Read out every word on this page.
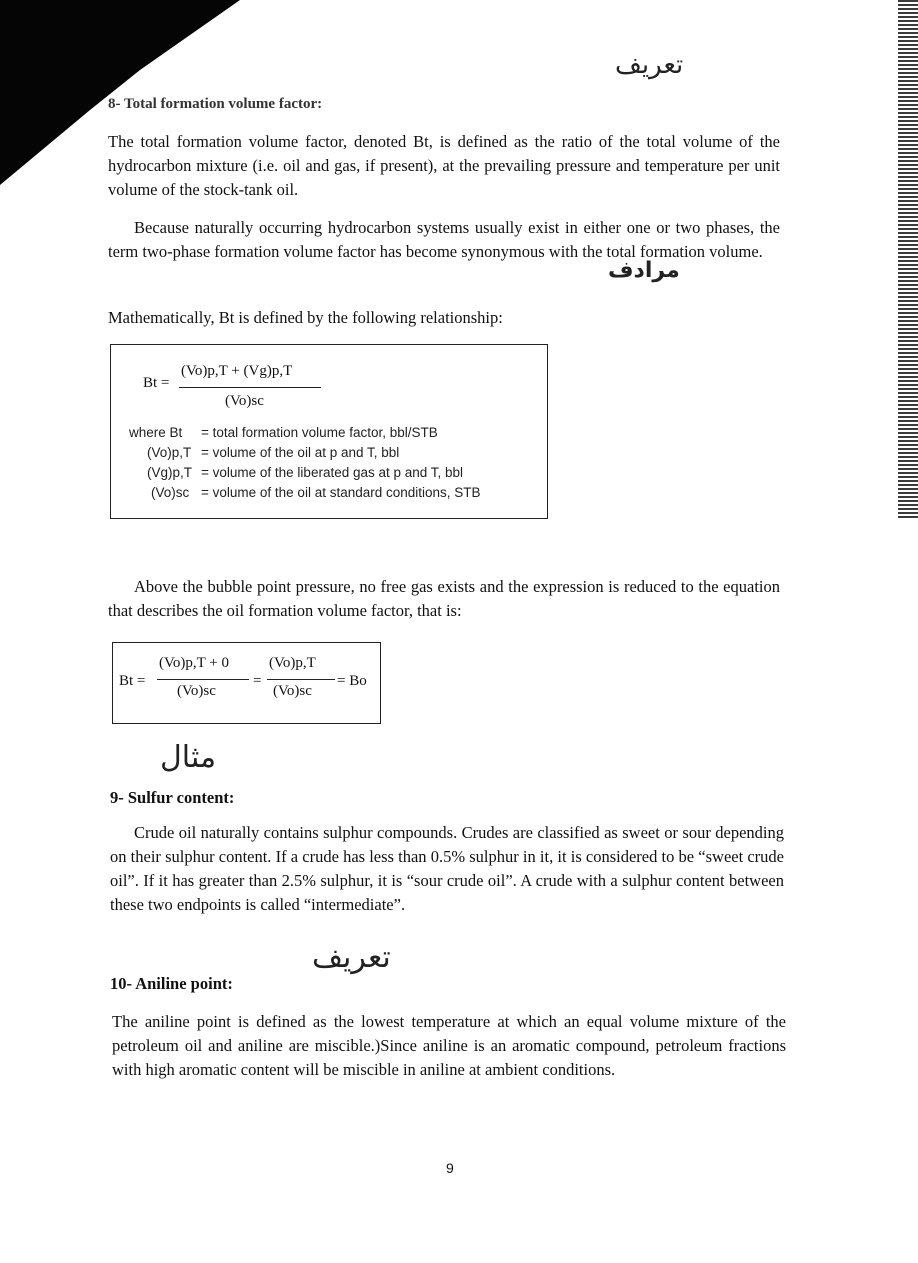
تعريف
8- Total formation volume factor:

The total formation volume factor, denoted Bt, is defined as the ratio of the total volume of the hydrocarbon mixture (i.e. oil and gas, if present), at the prevailing pressure and temperature per unit volume of the stock-tank oil.

Because naturally occurring hydrocarbon systems usually exist in either one or two phases, the term two-phase formation volume factor has become synonymous with the total formation volume.

مرادف

Mathematically, Bt is defined by the following relationship:

Bt =
(Vo)p,T + (Vg)p,T
(Vo)sc
where Bt = total formation volume factor, bbl/STB
(Vo)p,T = volume of the oil at p and T, bbl
(Vg)p,T = volume of the liberated gas at p and T, bbl
(Vo)sc = volume of the oil at standard conditions, STB

Above the bubble point pressure, no free gas exists and the expression is reduced to the equation that describes the oil formation volume factor, that is:

Bt =
(Vo)p,T + 0
(Vo)sc
=
(Vo)p,T
(Vo)sc
= Bo
مثال
9- Sulfur content:

Crude oil naturally contains sulphur compounds. Crudes are classified as sweet or sour depending on their sulphur content. If a crude has less than 0.5% sulphur in it, it is considered to be “sweet crude oil”. If it has greater than 2.5% sulphur, it is “sour crude oil”. A crude with a sulphur content between these two endpoints is called “intermediate”.

تعريف
10- Aniline point:

The aniline point is defined as the lowest temperature at which an equal volume mixture of the petroleum oil and aniline are miscible.)Since aniline is an aromatic compound, petroleum fractions with high aromatic content will be miscible in aniline at ambient conditions.

9
